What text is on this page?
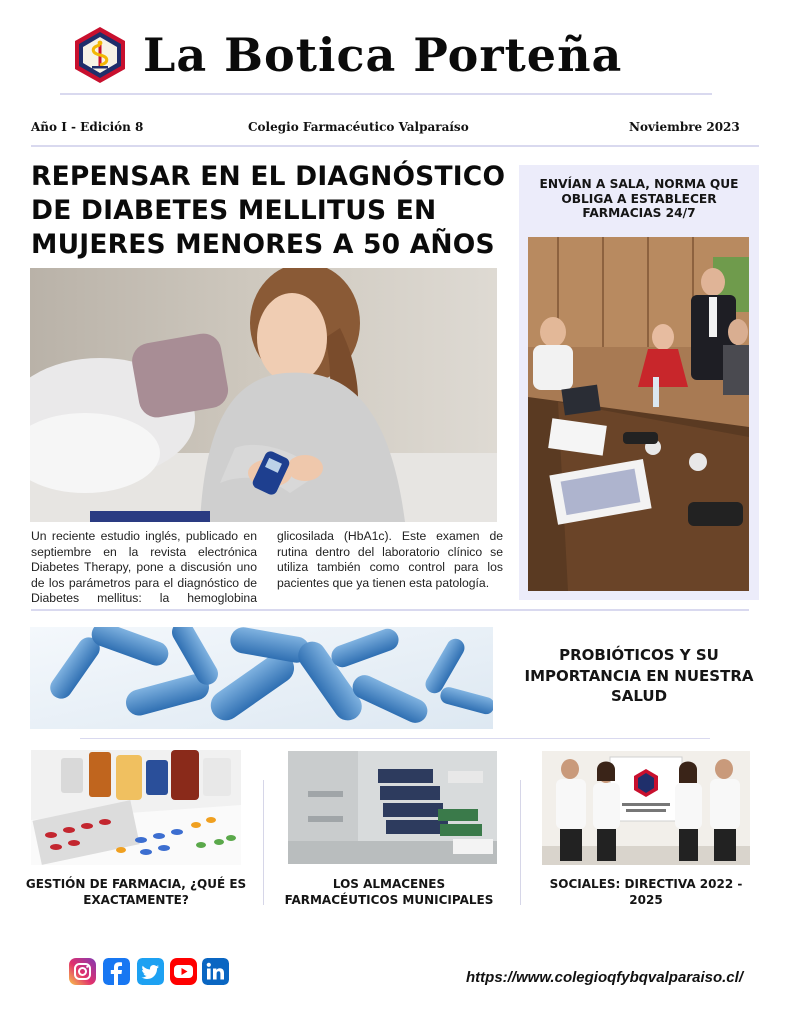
La Botica Porteña
Año I - Edición 8	Colegio Farmacéutico Valparaíso	Noviembre 2023
REPENSAR EN EL DIAGNÓSTICO DE DIABETES MELLITUS EN MUJERES MENORES A 50 AÑOS
Un reciente estudio inglés, publicado en septiembre en la revista electrónica Diabetes Therapy, pone a discusión uno de los parámetros para el diagnóstico de Diabetes mellitus: la hemoglobina glicosilada (HbA1c). Este examen de rutina dentro del laboratorio clínico se utiliza también como control para los pacientes que ya tienen esta patología.
ENVÍAN A SALA, NORMA QUE OBLIGA A ESTABLECER FARMACIAS 24/7
PROBIÓTICOS Y SU IMPORTANCIA EN NUESTRA SALUD
GESTIÓN DE FARMACIA, ¿QUÉ ES EXACTAMENTE?
LOS ALMACENES FARMACÉUTICOS MUNICIPALES
SOCIALES: DIRECTIVA 2022 - 2025
https://www.colegioqfybqvalparaiso.cl/
